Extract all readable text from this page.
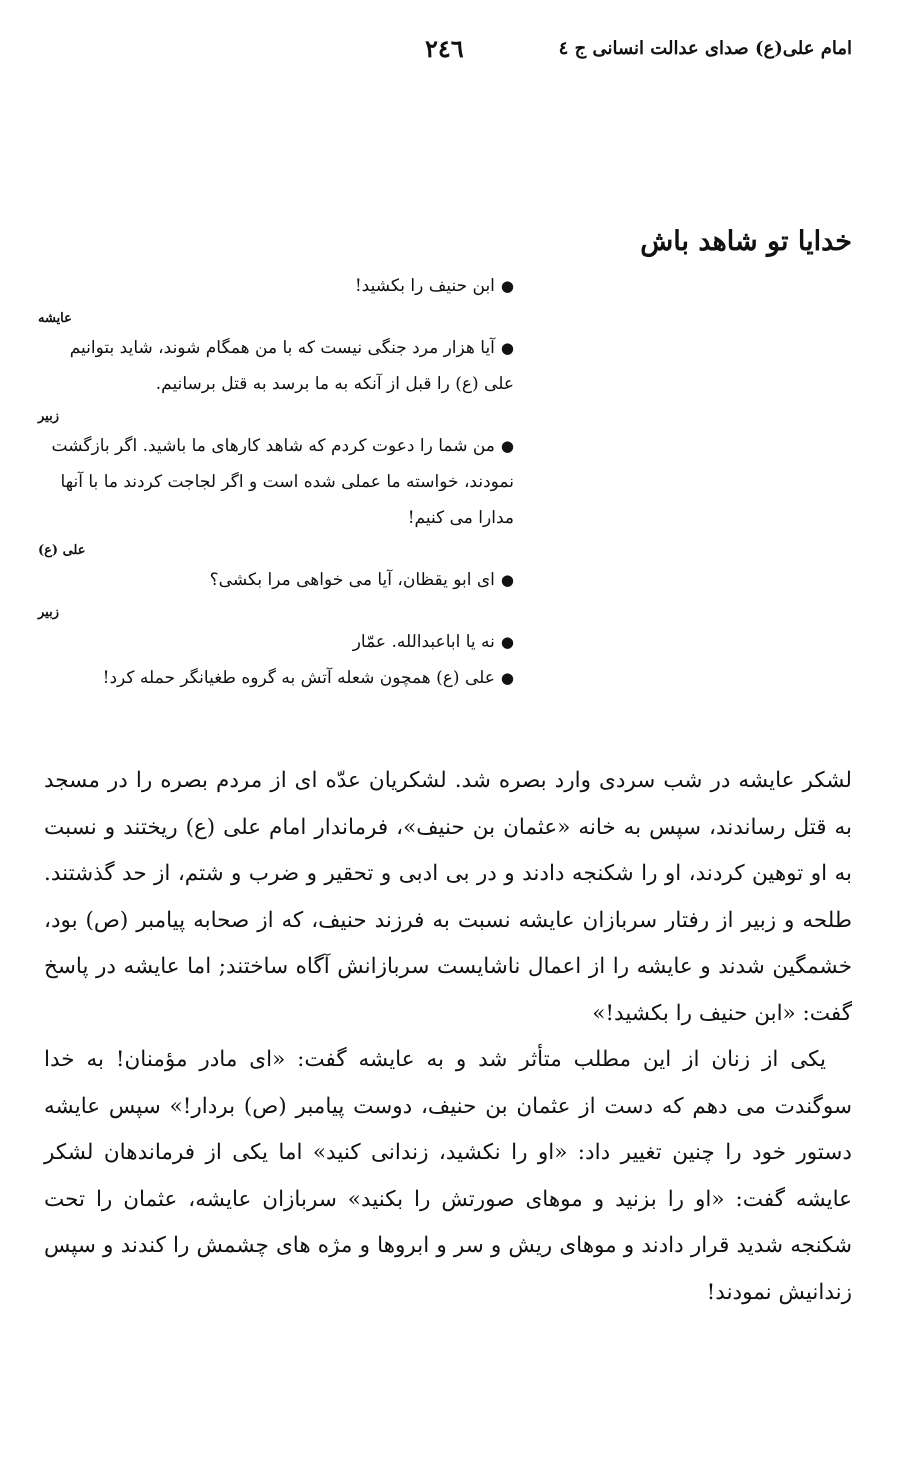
امام علی(ع) صدای عدالت انسانی ج ٤
٢٤٦
خدایا تو شاهد باش

●ابن حنیف را بکشید!

عایشه

●آیا هزار مرد جنگی نیست که با من همگام شوند، شاید بتوانیم علی (ع) را قبل از آنکه به ما برسد به قتل برسانیم.

زبیر

●من شما را دعوت کردم که شاهد کارهای ما باشید. اگر بازگشت نمودند، خواسته ما عملی شده است و اگر لجاجت کردند ما با آنها مدارا می کنیم!

علی (ع)

●ای ابو یقظان، آیا می خواهی مرا بکشی؟

زبیر

●نه یا اباعبدالله. عمّار

●علی (ع) همچون شعله آتش به گروه طغیانگر حمله کرد!

لشکر عایشه در شب سردی وارد بصره شد. لشکریان عدّه ای از مردم بصره را در مسجد به قتل رساندند، سپس به خانه «عثمان بن حنیف»، فرماندار امام علی (ع) ریختند و نسبت به او توهین کردند، او را شکنجه دادند و در بی ادبی و تحقیر و ضرب و شتم، از حد گذشتند. طلحه و زبیر از رفتار سربازان عایشه نسبت به فرزند حنیف، که از صحابه پیامبر (ص) بود، خشمگین شدند و عایشه را از اعمال ناشایست سربازانش آگاه ساختند; اما عایشه در پاسخ گفت: «ابن حنیف را بکشید!»

یکی از زنان از این مطلب متأثر شد و به عایشه گفت: «ای مادر مؤمنان! به خدا سوگندت می دهم که دست از عثمان بن حنیف، دوست پیامبر (ص) بردار!» سپس عایشه دستور خود را چنین تغییر داد: «او را نکشید، زندانی کنید» اما یکی از فرماندهان لشکر عایشه گفت: «او را بزنید و موهای صورتش را بکنید» سربازان عایشه، عثمان را تحت شکنجه شدید قرار دادند و موهای ریش و سر و ابروها و مژه های چشمش را کندند و سپس زندانیش نمودند!
